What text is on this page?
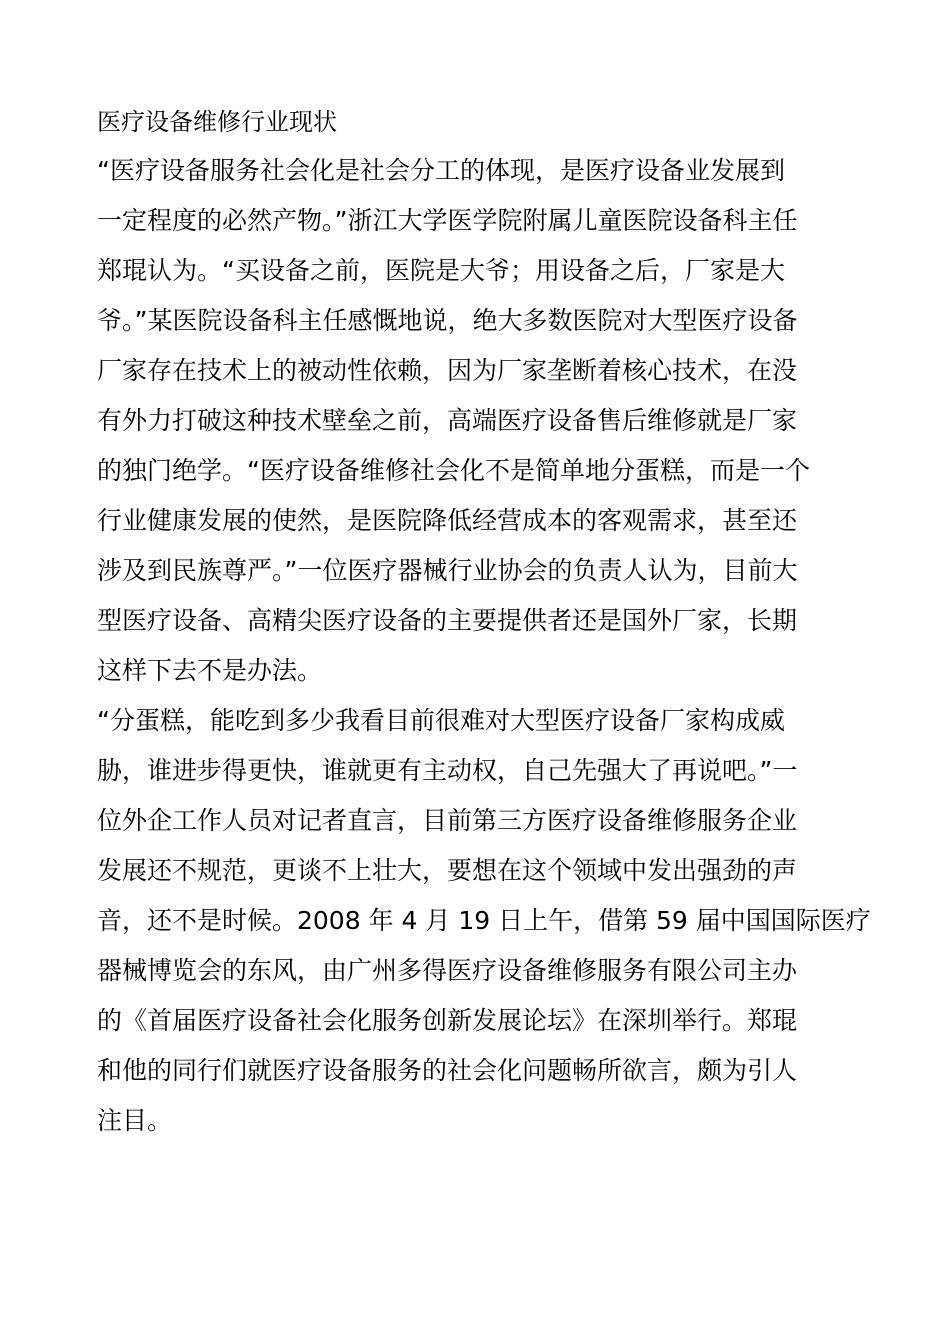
医疗设备维修行业现状
“医疗设备服务社会化是社会分工的体现，是医疗设备业发展到
一定程度的必然产物。”浙江大学医学院附属儿童医院设备科主任
郑琨认为。“买设备之前，医院是大爷；用设备之后，厂家是大
爷。”某医院设备科主任感慨地说，绝大多数医院对大型医疗设备
厂家存在技术上的被动性依赖，因为厂家垄断着核心技术，在没
有外力打破这种技术壁垒之前，高端医疗设备售后维修就是厂家
的独门绝学。“医疗设备维修社会化不是简单地分蛋糕，而是一个
行业健康发展的使然，是医院降低经营成本的客观需求，甚至还
涉及到民族尊严。”一位医疗器械行业协会的负责人认为，目前大
型医疗设备、高精尖医疗设备的主要提供者还是国外厂家，长期
这样下去不是办法。
“分蛋糕，能吃到多少我看目前很难对大型医疗设备厂家构成威
胁，谁进步得更快，谁就更有主动权，自己先强大了再说吧。”一
位外企工作人员对记者直言，目前第三方医疗设备维修服务企业
发展还不规范，更谈不上壮大，要想在这个领域中发出强劲的声
音，还不是时候。2008 年 4 月 19 日上午，借第 59 届中国国际医疗
器械博览会的东风，由广州多得医疗设备维修服务有限公司主办
的《首届医疗设备社会化服务创新发展论坛》在深圳举行。郑琨
和他的同行们就医疗设备服务的社会化问题畅所欲言，颇为引人
注目。
